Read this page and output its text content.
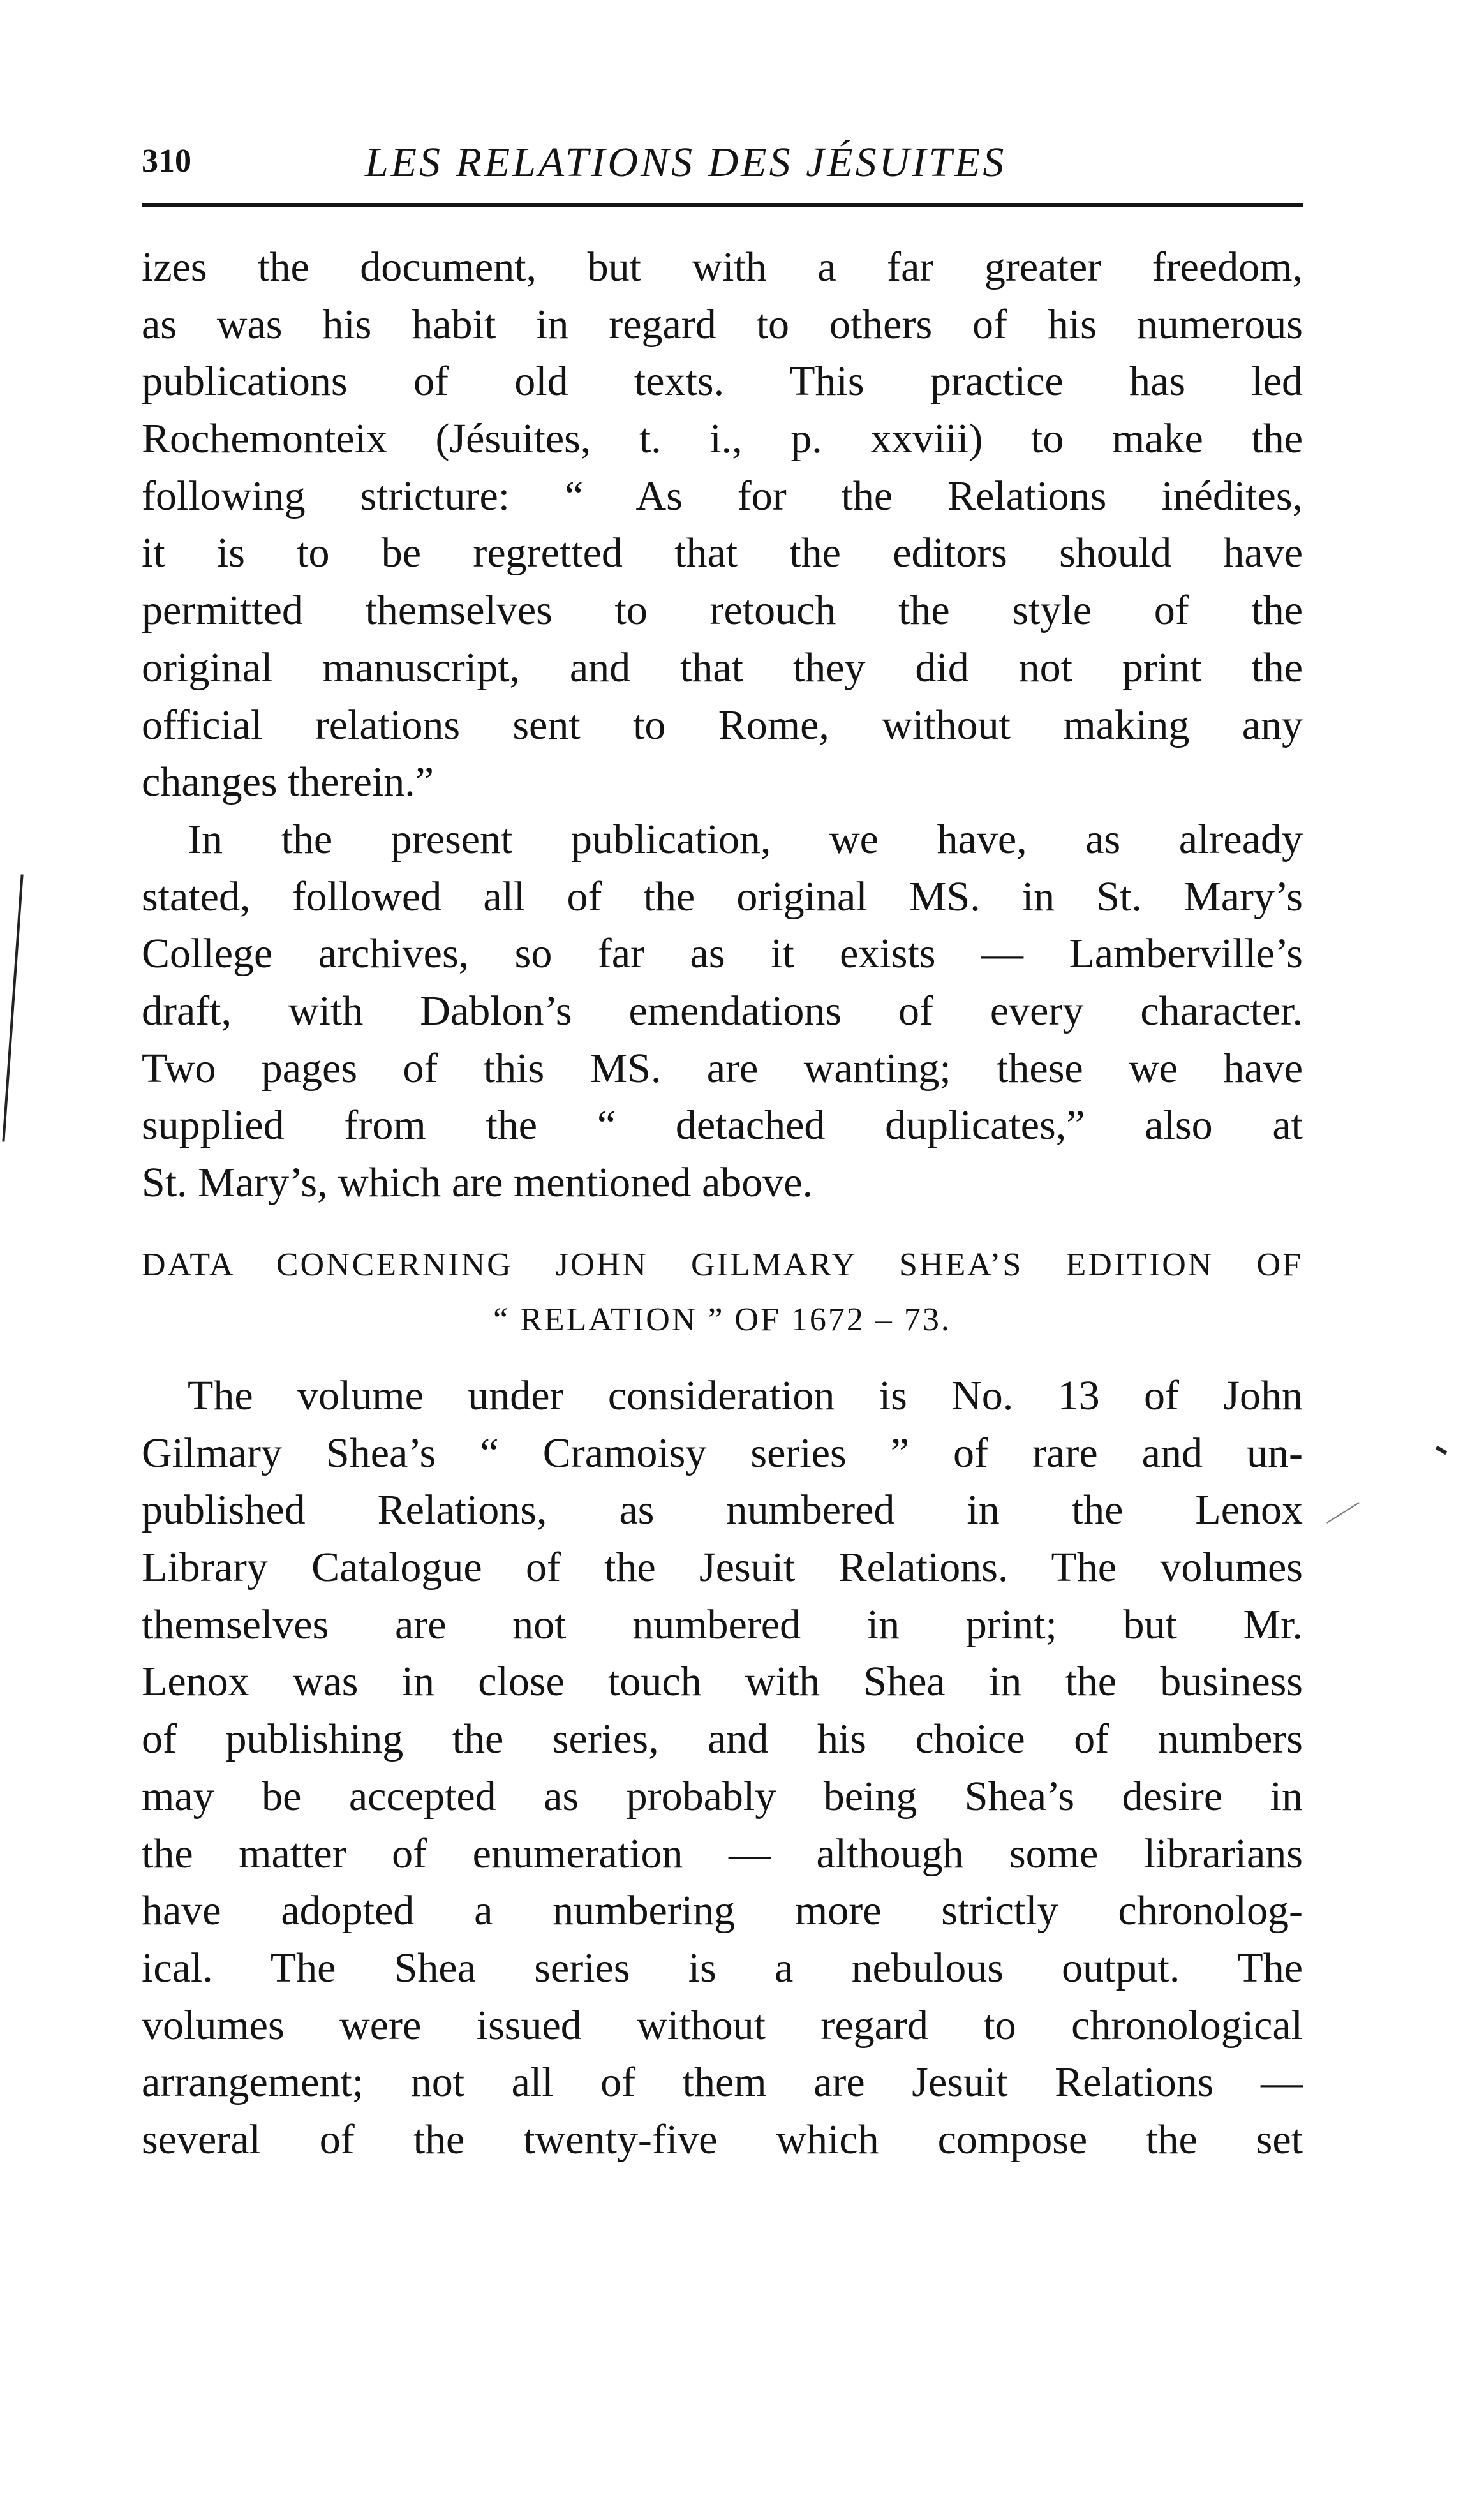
310	LES RELATIONS DES JÉSUITES
izes the document, but with a far greater freedom,
as was his habit in regard to others of his numerous
publications of old texts. This practice has led
Rochemonteix (Jésuites, t. i., p. xxviii) to make the
following stricture: “ As for the Relations inédites,
it is to be regretted that the editors should have
permitted themselves to retouch the style of the
original manuscript, and that they did not print the
official relations sent to Rome, without making any
changes therein.”
In the present publication, we have, as already
stated, followed all of the original MS. in St. Mary’s
College archives, so far as it exists — Lamberville’s
draft, with Dablon’s emendations of every character.
Two pages of this MS. are wanting; these we have
supplied from the “ detached duplicates,” also at
St. Mary’s, which are mentioned above.
DATA CONCERNING JOHN GILMARY SHEA’S EDITION OF
“ RELATION ” OF 1672 – 73.
The volume under consideration is No. 13 of John
Gilmary Shea’s “ Cramoisy series ” of rare and un-
published Relations, as numbered in the Lenox
Library Catalogue of the Jesuit Relations. The volumes
themselves are not numbered in print; but Mr.
Lenox was in close touch with Shea in the business
of publishing the series, and his choice of numbers
may be accepted as probably being Shea’s desire in
the matter of enumeration — although some librarians
have adopted a numbering more strictly chronolog-
ical. The Shea series is a nebulous output. The
volumes were issued without regard to chronological
arrangement; not all of them are Jesuit Relations —
several of the twenty-five which compose the set
